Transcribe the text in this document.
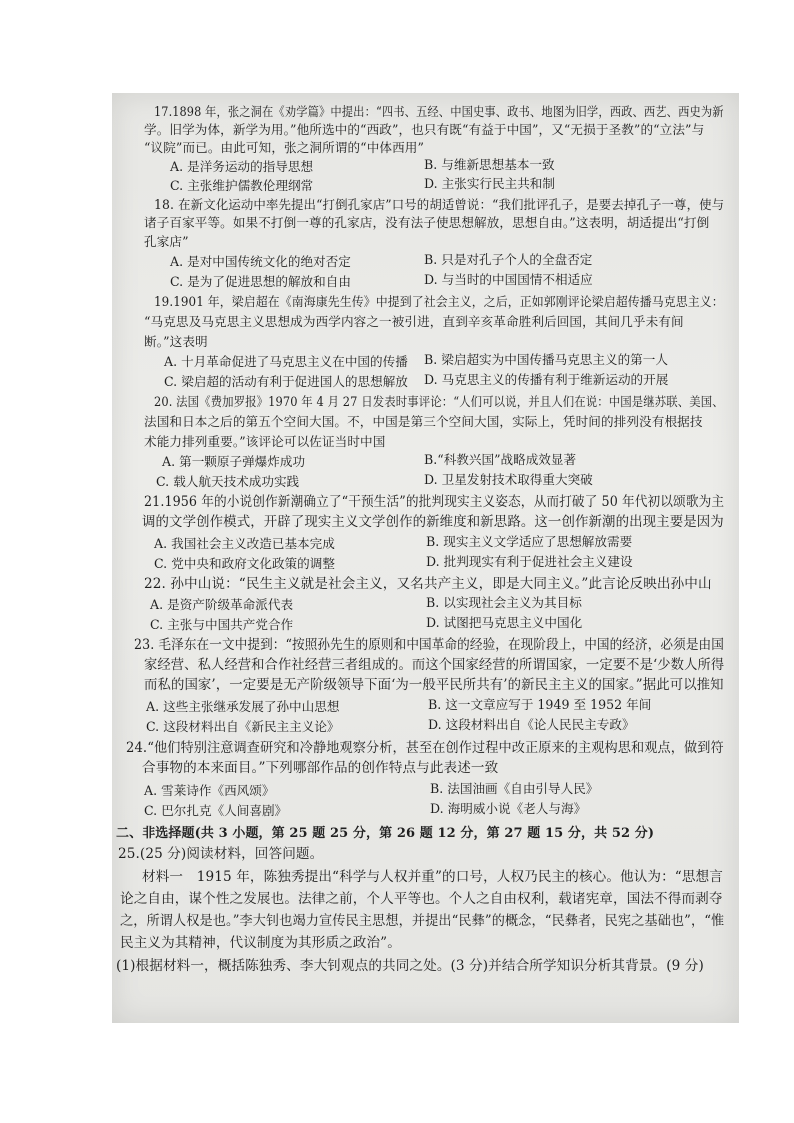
17.1898 年，张之洞在《劝学篇》中提出：“四书、五经、中国史事、政书、地图为旧学，西政、西艺、西史为新
学。旧学为体，新学为用。”他所选中的“西政”，也只有既“有益于中国”，又“无损于圣教”的“立法”与
“议院”而已。由此可知，张之洞所谓的“中体西用”
A. 是洋务运动的指导思想	B. 与维新思想基本一致
C. 主张维护儒教伦理纲常	D. 主张实行民主共和制
18. 在新文化运动中率先提出“打倒孔家店”口号的胡适曾说：“我们批评孔子，是要去掉孔子一尊，使与
诸子百家平等。如果不打倒一尊的孔家店，没有法子使思想解放，思想自由。”这表明，胡适提出“打倒
孔家店”
A. 是对中国传统文化的绝对否定	B. 只是对孔子个人的全盘否定
C. 是为了促进思想的解放和自由	D. 与当时的中国国情不相适应
19.1901 年，梁启超在《南海康先生传》中提到了社会主义，之后，正如郭刚评论梁启超传播马克思主义：
“马克思及马克思主义思想成为西学内容之一被引进，直到辛亥革命胜利后回国，其间几乎未有间
断。”这表明
A. 十月革命促进了马克思主义在中国的传播 B. 梁启超实为中国传播马克思主义的第一人
C. 梁启超的活动有利于促进国人的思想解放 D. 马克思主义的传播有利于维新运动的开展
20. 法国《费加罗报》1970 年 4 月 27 日发表时事评论：“人们可以说，并且人们在说：中国是继苏联、美国、
法国和日本之后的第五个空间大国。不，中国是第三个空间大国，实际上，凭时间的排列没有根据技
术能力排列重要。”该评论可以佐证当时中国
A. 第一颗原子弹爆炸成功	B.“科教兴国”战略成效显著
C. 载人航天技术成功实践	D. 卫星发射技术取得重大突破
21.1956 年的小说创作新潮确立了“干预生活”的批判现实主义姿态，从而打破了 50 年代初以颂歌为主
调的文学创作模式，开辟了现实主义文学创作的新维度和新思路。这一创作新潮的出现主要是因为
A. 我国社会主义改造已基本完成	B. 现实主义文学适应了思想解放需要
C. 党中央和政府文化政策的调整	D. 批判现实有利于促进社会主义建设
22. 孙中山说：“民生主义就是社会主义，又名共产主义，即是大同主义。”此言论反映出孙中山
A. 是资产阶级革命派代表	B. 以实现社会主义为其目标
C. 主张与中国共产党合作	D. 试图把马克思主义中国化
23. 毛泽东在一文中提到：“按照孙先生的原则和中国革命的经验，在现阶段上，中国的经济，必须是由国
家经营、私人经营和合作社经营三者组成的。而这个国家经营的所谓国家，一定要不是‘少数人所得
而私的国家’，一定要是无产阶级领导下面‘为一般平民所共有’的新民主主义的国家。”据此可以推知
A. 这些主张继承发展了孙中山思想	B. 这一文章应写于 1949 至 1952 年间
C. 这段材料出自《新民主主义论》	D. 这段材料出自《论人民民主专政》
24.“他们特别注意调查研究和冷静地观察分析，甚至在创作过程中改正原来的主观构思和观点，做到符
合事物的本来面目。”下列哪部作品的创作特点与此表述一致
A. 雪莱诗作《西风颂》	B. 法国油画《自由引导人民》
C. 巴尔扎克《人间喜剧》	D. 海明威小说《老人与海》
二、非选择题(共 3 小题，第 25 题 25 分，第 26 题 12 分，第 27 题 15 分，共 52 分)
25.(25 分)阅读材料，回答问题。
材料一　1915 年，陈独秀提出“科学与人权并重”的口号，人权乃民主的核心。他认为：“思想言
论之自由，谋个性之发展也。法律之前，个人平等也。个人之自由权利，载诸宪章，国法不得而剥夺
之，所谓人权是也。”李大钊也竭力宣传民主思想，并提出“民彝”的概念，“民彝者，民宪之基础也”，“惟
民主义为其精神，代议制度为其形质之政治”。
(1)根据材料一，概括陈独秀、李大钊观点的共同之处。(3 分)并结合所学知识分析其背景。(9 分)
